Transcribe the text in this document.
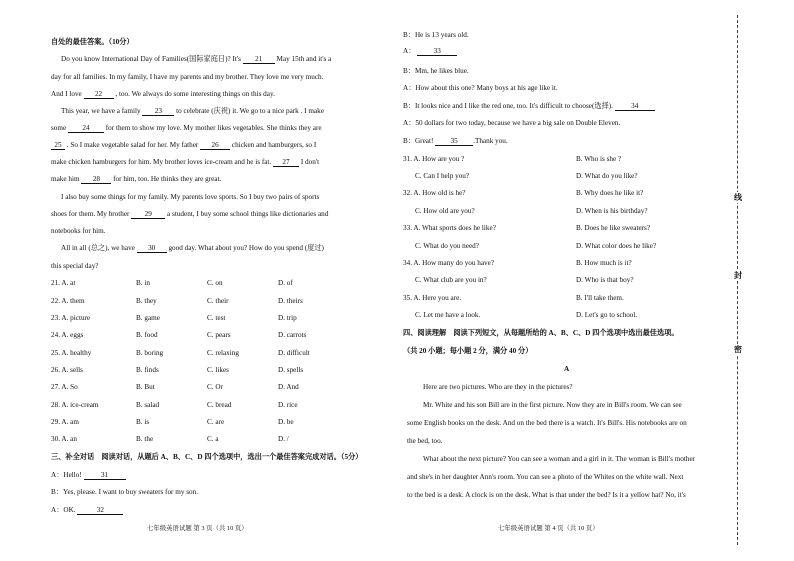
自处的最佳答案。（10分）
Do you know International Day of Families(国际家庭日)? It's 21 May 15th and it's a
day for all families. In my family, I have my parents and my brother. They love me very much.
And I love 22 , too. We always do some interesting things on this day.
This year, we have a family 23 to celebrate (庆祝) it. We go to a nice park . I make
some 24 for them to show my love. My mother likes vegetables. She thinks they are
25 . So I make vegetable salad for her. My father 26 chicken and hamburgers, so I
make chicken hamburgers for him. My brother loves ice-cream and he is fat. 27 I don't
make him 28 for him, too. He thinks they are great.
I also buy some things for my family. My parents love sports. So I buy two pairs of sports
shoes for them. My brother 29 a student, I buy some school things like dictionaries and
notebooks for him.
All in all (总之), we have 30 good day. What about you? How do you spend (度过)
this special day?
21. A. at	B. in	C. on	D. of
22. A. them	B. they	C. their	D. theirs
23. A. picture	B. game	C. test	D. trip
24. A. eggs	B. food	C. pears	D. carrots
25. A. healthy	B. boring	C. relaxing	D. difficult
26. A. sells	B. finds	C. likes	D. spells
27. A. So	B. But	C. Or	D. And
28. A. ice-cream	B. salad	C. bread	D. rice
29. A. am	B. is	C. are	D. be
30. A. an	B. the	C. a	D. /
三、补全对话　阅读对话，从题后 A、B、C、D 四个选项中，选出一个最佳答案完成对话。（5分）
A：Hello!	31
B：Yes, please. I want to buy sweaters for my son.
A：OK.	32
七年级英语试题 第 3 页（共 10 页）
B：He is 13 years old.
A：	33
B：Mm, he likes blue.
A：How about this one? Many boys at his age like it.
B：It looks nice and I like the red one, too. It's difficult to choose(选择).	34
A：50 dollars for two today, because we have a big sale on Double Eleven.
B：Great! 35 .Thank you.
31. A. How are you ?	B. Who is she ?
C. Can I help you?	D. What do you like?
32. A. How old is he?	B. Why does he like it?
C. How old are you?	D. When is his birthday?
33. A. What sports does he like?	B. Does he like sweaters?
C. What do you need?	D. What color does he like?
34. A. How many do you have?	B. How much is it?
C. What club are you in?	D. Who is that boy?
35. A. Here you are.	B. I'll take them.
C. Let me have a look.	D. Let's go to school.
四、阅读理解　阅读下列短文，从每题所给的 A、B、C、D 四个选项中选出最佳选项。
（共 20 小题；每小题 2 分，满分 40 分）
A
Here are two pictures. Who are they in the pictures?
Mr. White and his son Bill are in the first picture. Now they are in Bill's room. We can see
some English books on the desk. And on the bed there is a watch. It's Bill's. His notebooks are on
the bed, too.
What about the next picture? You can see a woman and a girl in it. The woman is Bill's mother
and she's in her daughter Ann's room. You can see a photo of the Whites on the white wall. Next
to the bed is a desk. A clock is on the desk. What is that under the bed? Is it a yellow hat? No, it's
七年级英语试题 第 4 页（共 10 页）
线
封
密
